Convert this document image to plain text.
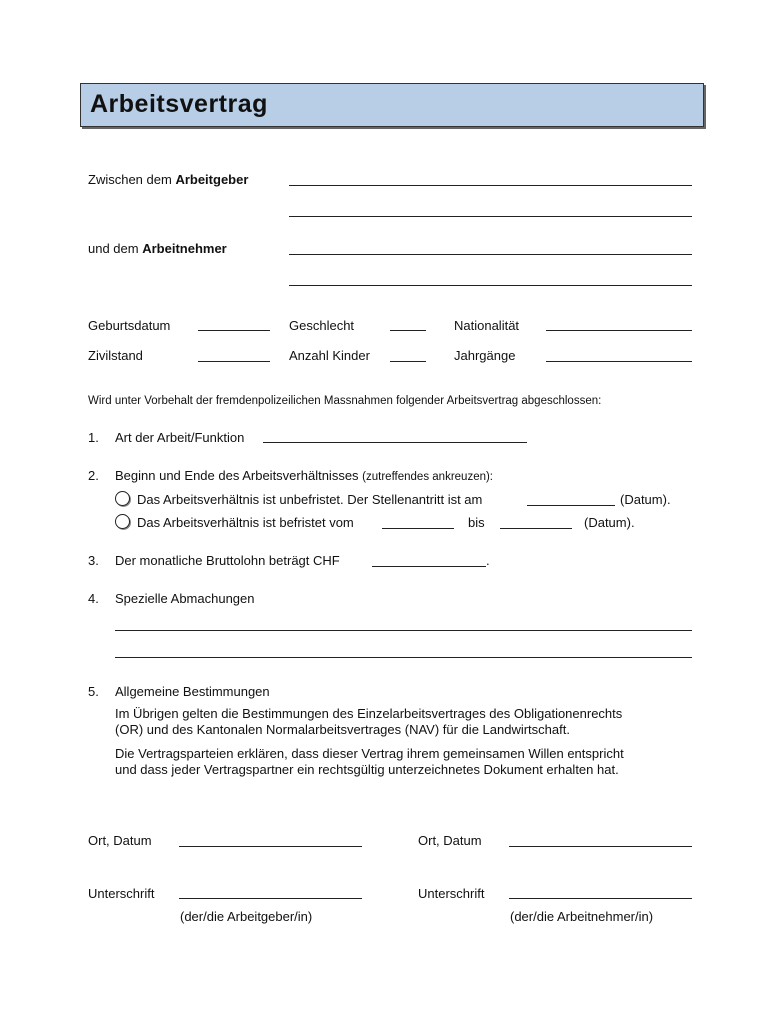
Arbeitsvertrag
Zwischen dem Arbeitgeber
und dem Arbeitnehmer
Geburtsdatum	Geschlecht	Nationalität
Zivilstand	Anzahl Kinder	Jahrgänge
Wird unter Vorbehalt der fremdenpolizeilichen Massnahmen folgender Arbeitsvertrag abgeschlossen:
1. Art der Arbeit/Funktion
2. Beginn und Ende des Arbeitsverhältnisses (zutreffendes ankreuzen):
Das Arbeitsverhältnis ist unbefristet. Der Stellenantritt ist am	(Datum).
Das Arbeitsverhältnis ist befristet vom	bis	(Datum).
3. Der monatliche Bruttolohn beträgt CHF	.
4. Spezielle Abmachungen
5. Allgemeine Bestimmungen
Im Übrigen gelten die Bestimmungen des Einzelarbeitsvertrages des Obligationenrechts
(OR) und des Kantonalen Normalarbeitsvertrages (NAV) für die Landwirtschaft.
Die Vertragsparteien erklären, dass dieser Vertrag ihrem gemeinsamen Willen entspricht
und dass jeder Vertragspartner ein rechtsgültig unterzeichnetes Dokument erhalten hat.
Ort, Datum	Ort, Datum
Unterschrift	Unterschrift
(der/die Arbeitgeber/in)	(der/die Arbeitnehmer/in)
